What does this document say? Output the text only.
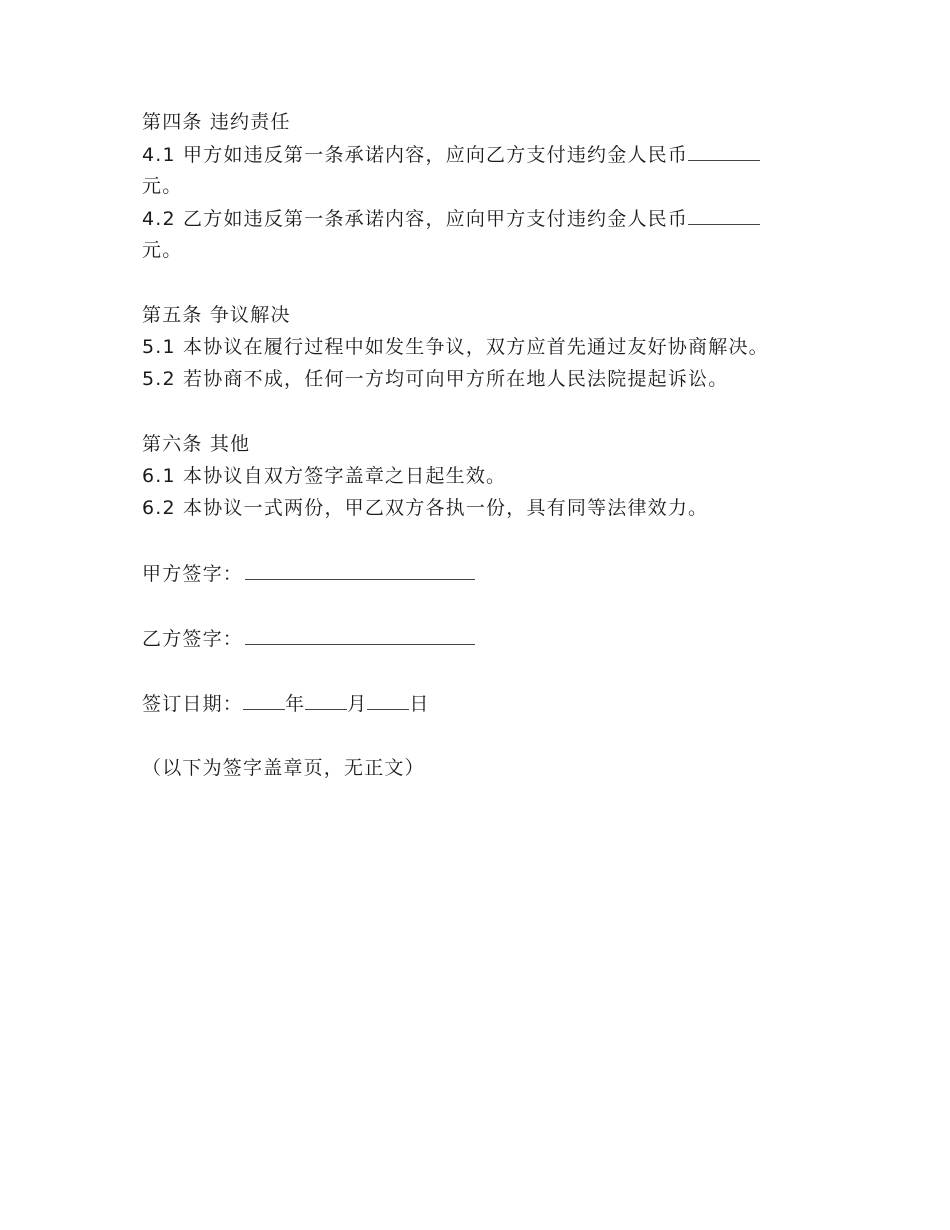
第四条 违约责任

4.1 甲方如违反第一条承诺内容，应向乙方支付违约金人民币

元。

4.2 乙方如违反第一条承诺内容，应向甲方支付违约金人民币

元。

第五条 争议解决

5.1 本协议在履行过程中如发生争议，双方应首先通过友好协商解决。

5.2 若协商不成，任何一方均可向甲方所在地人民法院提起诉讼。

第六条 其他

6.1 本协议自双方签字盖章之日起生效。

6.2 本协议一式两份，甲乙双方各执一份，具有同等法律效力。

甲方签字：
乙方签字：
签订日期： 年 月 日

（以下为签字盖章页，无正文）
